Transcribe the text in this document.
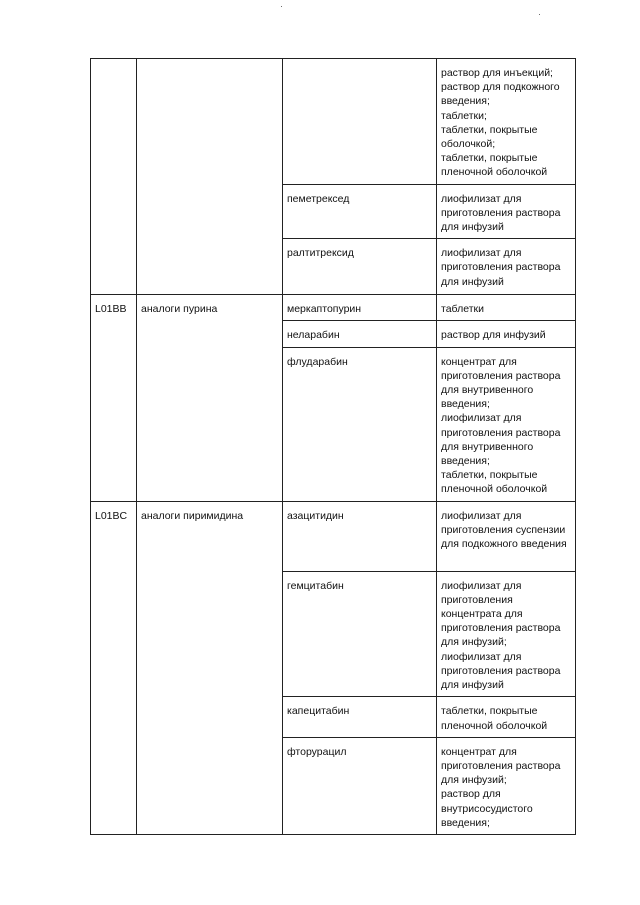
·
·
			раствор для инъекций;
раствор для подкожного введения;
таблетки;
таблетки, покрытые оболочкой;
таблетки, покрытые пленочной оболочкой
		пеметрексед	лиофилизат для приготовления раствора для инфузий
		ралтитрексид	лиофилизат для приготовления раствора для инфузий
L01BB	аналоги пурина	меркаптопурин	таблетки
		неларабин	раствор для инфузий
		флударабин	концентрат для приготовления раствора для внутривенного введения;
лиофилизат для приготовления раствора для внутривенного введения;
таблетки, покрытые пленочной оболочкой
L01BC	аналоги пиримидина	азацитидин	лиофилизат для приготовления суспензии для подкожного введения
		гемцитабин	лиофилизат для приготовления концентрата для приготовления раствора для инфузий;
лиофилизат для приготовления раствора для инфузий
		капецитабин	таблетки, покрытые пленочной оболочкой
		фторурацил	концентрат для приготовления раствора для инфузий;
раствор для внутрисосудистого введения;
